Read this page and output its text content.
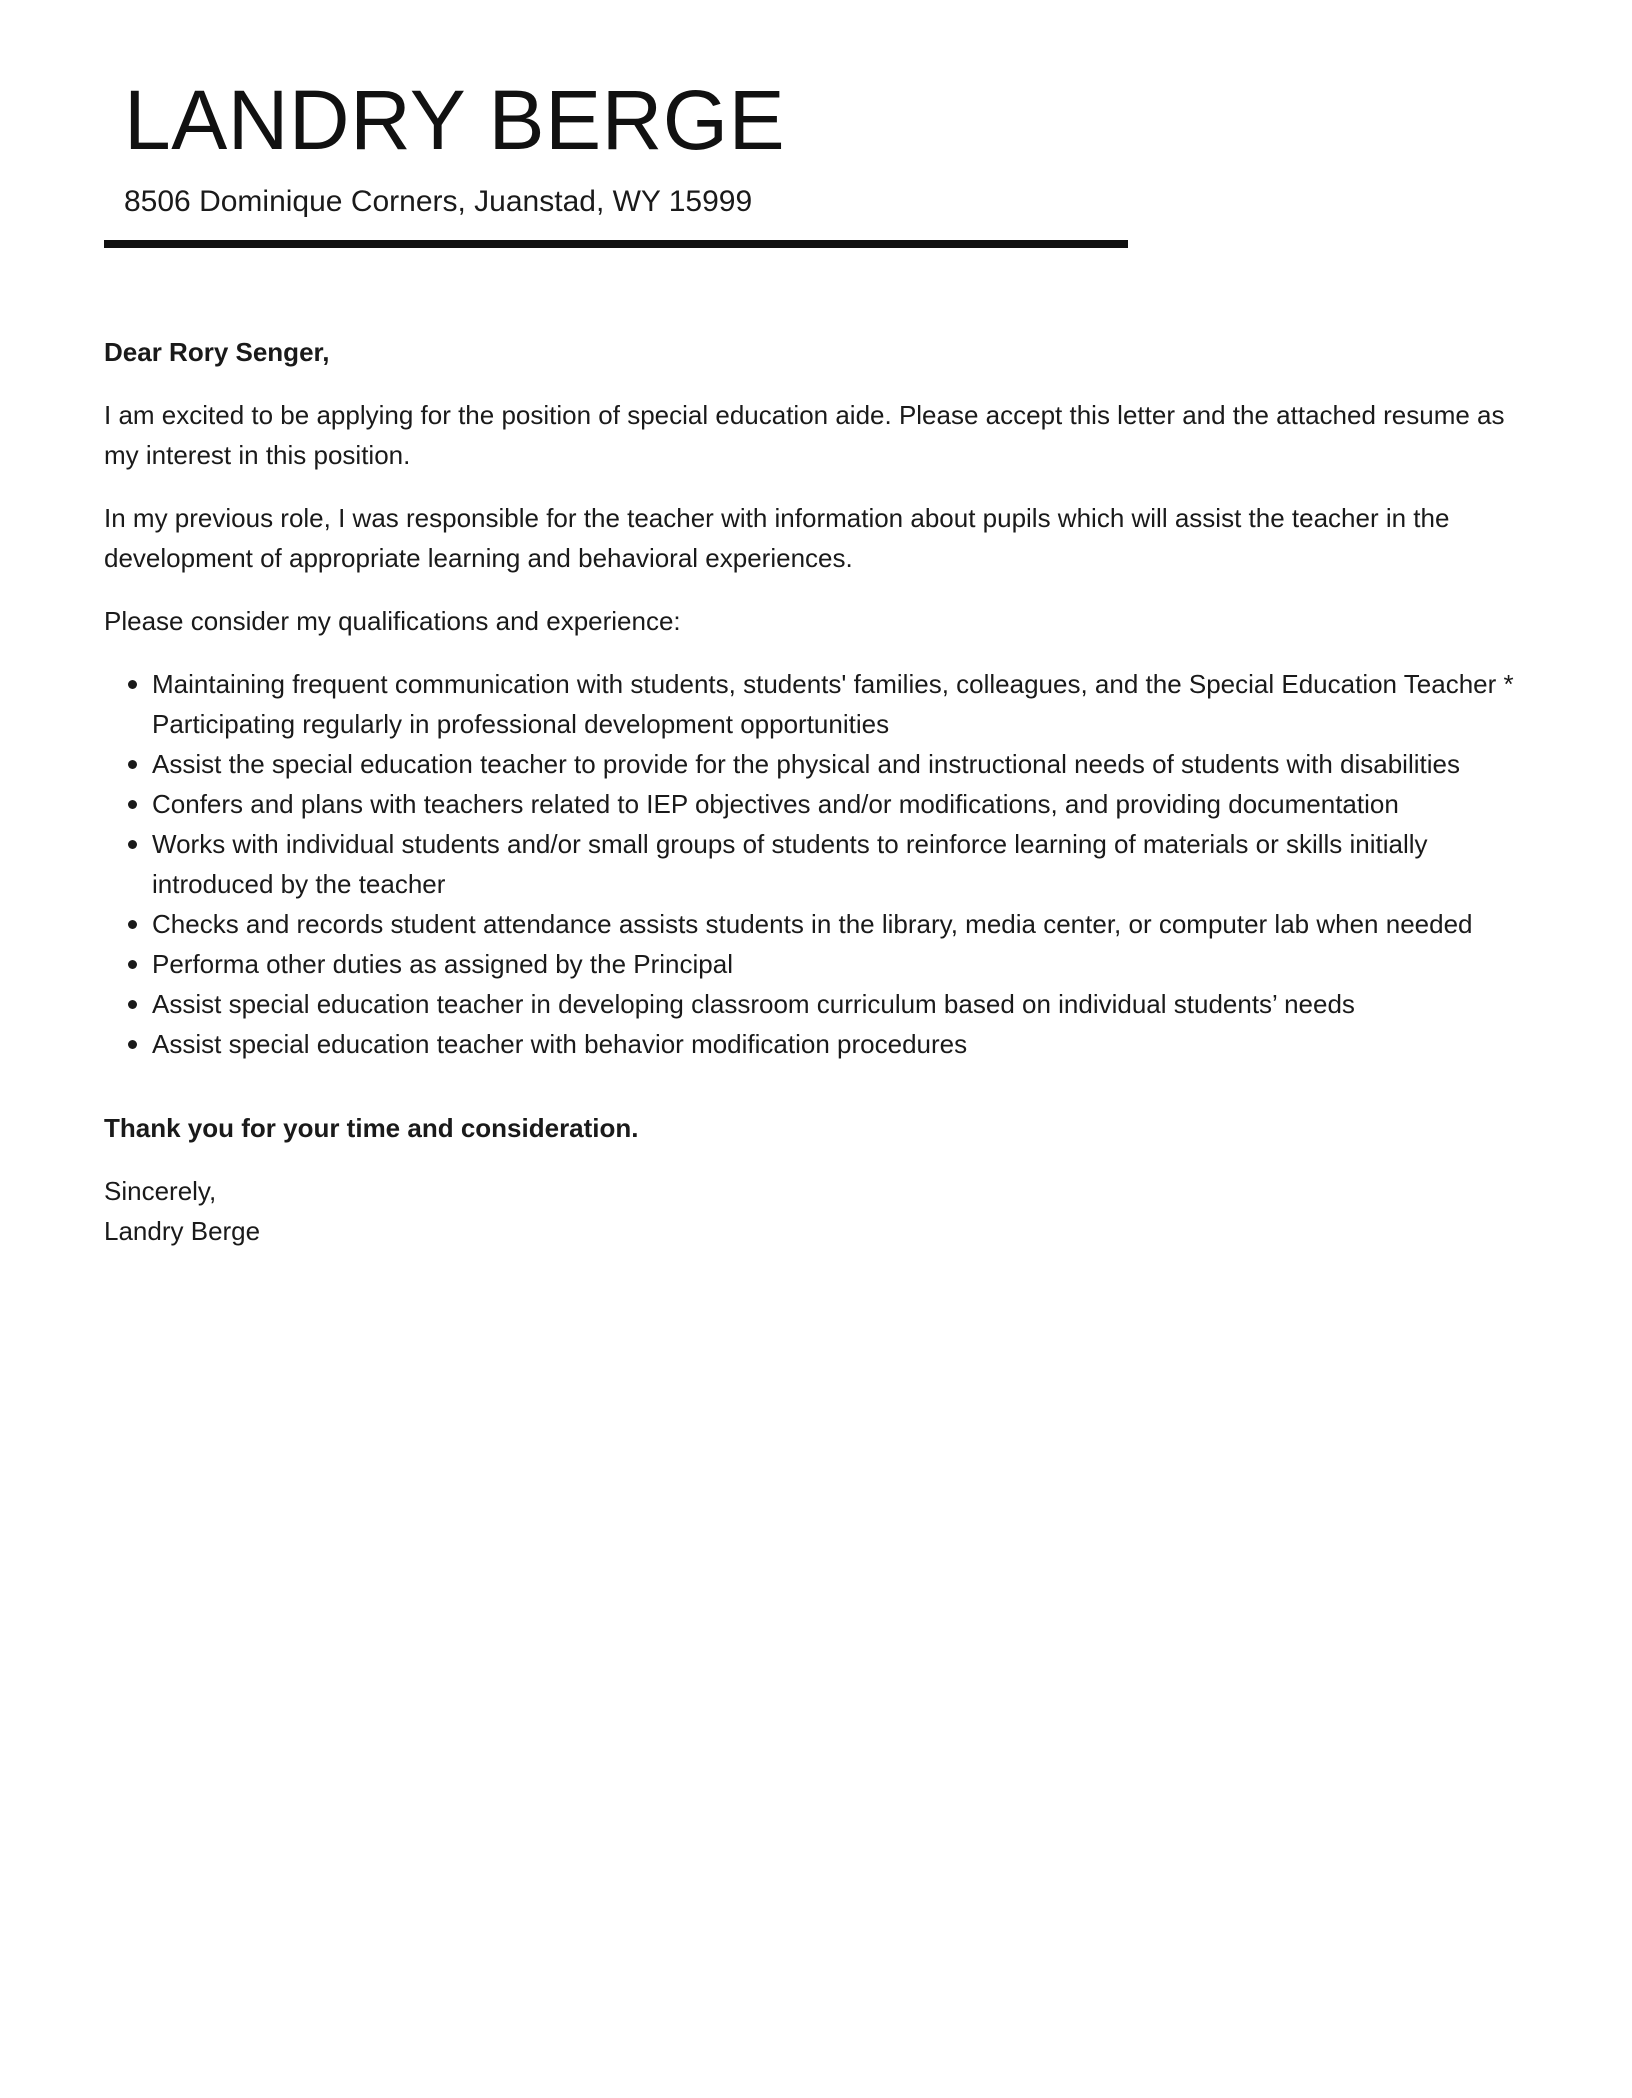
LANDRY BERGE
8506 Dominique Corners, Juanstad, WY 15999

Dear Rory Senger,

I am excited to be applying for the position of special education aide. Please accept this letter and the attached resume as my interest in this position.

In my previous role, I was responsible for the teacher with information about pupils which will assist the teacher in the development of appropriate learning and behavioral experiences.

Please consider my qualifications and experience:

Maintaining frequent communication with students, students' families, colleagues, and the Special Education Teacher * Participating regularly in professional development opportunities
Assist the special education teacher to provide for the physical and instructional needs of students with disabilities
Confers and plans with teachers related to IEP objectives and/or modifications, and providing documentation
Works with individual students and/or small groups of students to reinforce learning of materials or skills initially introduced by the teacher
Checks and records student attendance assists students in the library, media center, or computer lab when needed
Performa other duties as assigned by the Principal
Assist special education teacher in developing classroom curriculum based on individual students’ needs
Assist special education teacher with behavior modification procedures

Thank you for your time and consideration.

Sincerely,

Landry Berge
